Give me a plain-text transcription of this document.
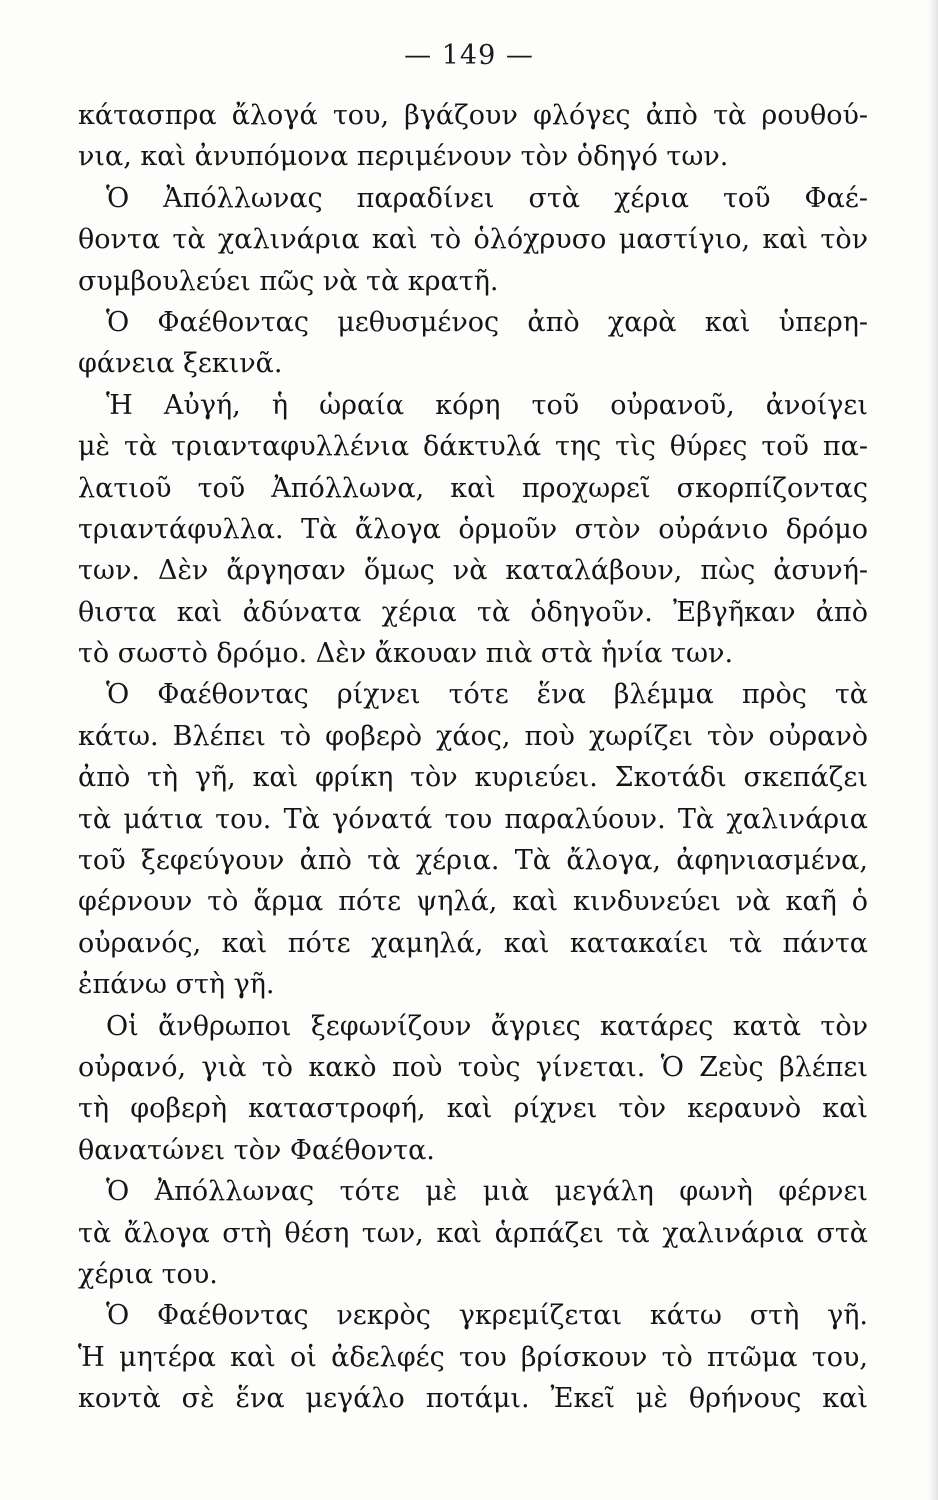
— 149 —
κάτασπρα ἄλογά του, βγάζουν φλόγες ἀπὸ τὰ ρουθού-
νια, καὶ ἀνυπόμονα περιμένουν τὸν ὁδηγό των.
Ὁ Ἀπόλλωνας παραδίνει στὰ χέρια τοῦ Φαέ-
θοντα τὰ χαλινάρια καὶ τὸ ὁλόχρυσο μαστίγιο, καὶ τὸν
συμβουλεύει πῶς νὰ τὰ κρατῆ.
Ὁ Φαέθοντας μεθυσμένος ἀπὸ χαρὰ καὶ ὑπερη-
φάνεια ξεκινᾶ.
Ἡ Αὐγή, ἡ ὡραία κόρη τοῦ οὐρανοῦ, ἀνοίγει
μὲ τὰ τριανταφυλλένια δάκτυλά της τὶς θύρες τοῦ πα-
λατιοῦ τοῦ Ἀπόλλωνα, καὶ προχωρεῖ σκορπίζοντας
τριαντάφυλλα. Τὰ ἄλογα ὁρμοῦν στὸν οὐράνιο δρόμο
των. Δὲν ἄργησαν ὅμως νὰ καταλάβουν, πὼς ἀσυνή-
θιστα καὶ ἀδύνατα χέρια τὰ ὁδηγοῦν. Ἐβγῆκαν ἀπὸ
τὸ σωστὸ δρόμο. Δὲν ἄκουαν πιὰ στὰ ἡνία των.
Ὁ Φαέθοντας ρίχνει τότε ἕνα βλέμμα πρὸς τὰ
κάτω. Βλέπει τὸ φοβερὸ χάος, ποὺ χωρίζει τὸν οὐρανὸ
ἀπὸ τὴ γῆ, καὶ φρίκη τὸν κυριεύει. Σκοτάδι σκεπάζει
τὰ μάτια του. Τὰ γόνατά του παραλύουν. Τὰ χαλινάρια
τοῦ ξεφεύγουν ἀπὸ τὰ χέρια. Τὰ ἄλογα, ἀφηνιασμένα,
φέρνουν τὸ ἅρμα πότε ψηλά, καὶ κινδυνεύει νὰ καῆ ὁ
οὐρανός, καὶ πότε χαμηλά, καὶ κατακαίει τὰ πάντα
ἐπάνω στὴ γῆ.
Οἱ ἄνθρωποι ξεφωνίζουν ἄγριες κατάρες κατὰ τὸν
οὐρανό, γιὰ τὸ κακὸ ποὺ τοὺς γίνεται. Ὁ Ζεὺς βλέπει
τὴ φοβερὴ καταστροφή, καὶ ρίχνει τὸν κεραυνὸ καὶ
θανατώνει τὸν Φαέθοντα.
Ὁ Ἀπόλλωνας τότε μὲ μιὰ μεγάλη φωνὴ φέρνει
τὰ ἄλογα στὴ θέση των, καὶ ἁρπάζει τὰ χαλινάρια στὰ
χέρια του.
Ὁ Φαέθοντας νεκρὸς γκρεμίζεται κάτω στὴ γῆ.
Ἡ μητέρα καὶ οἱ ἀδελφές του βρίσκουν τὸ πτῶμα του,
κοντὰ σὲ ἕνα μεγάλο ποτάμι. Ἐκεῖ μὲ θρήνους καὶ
